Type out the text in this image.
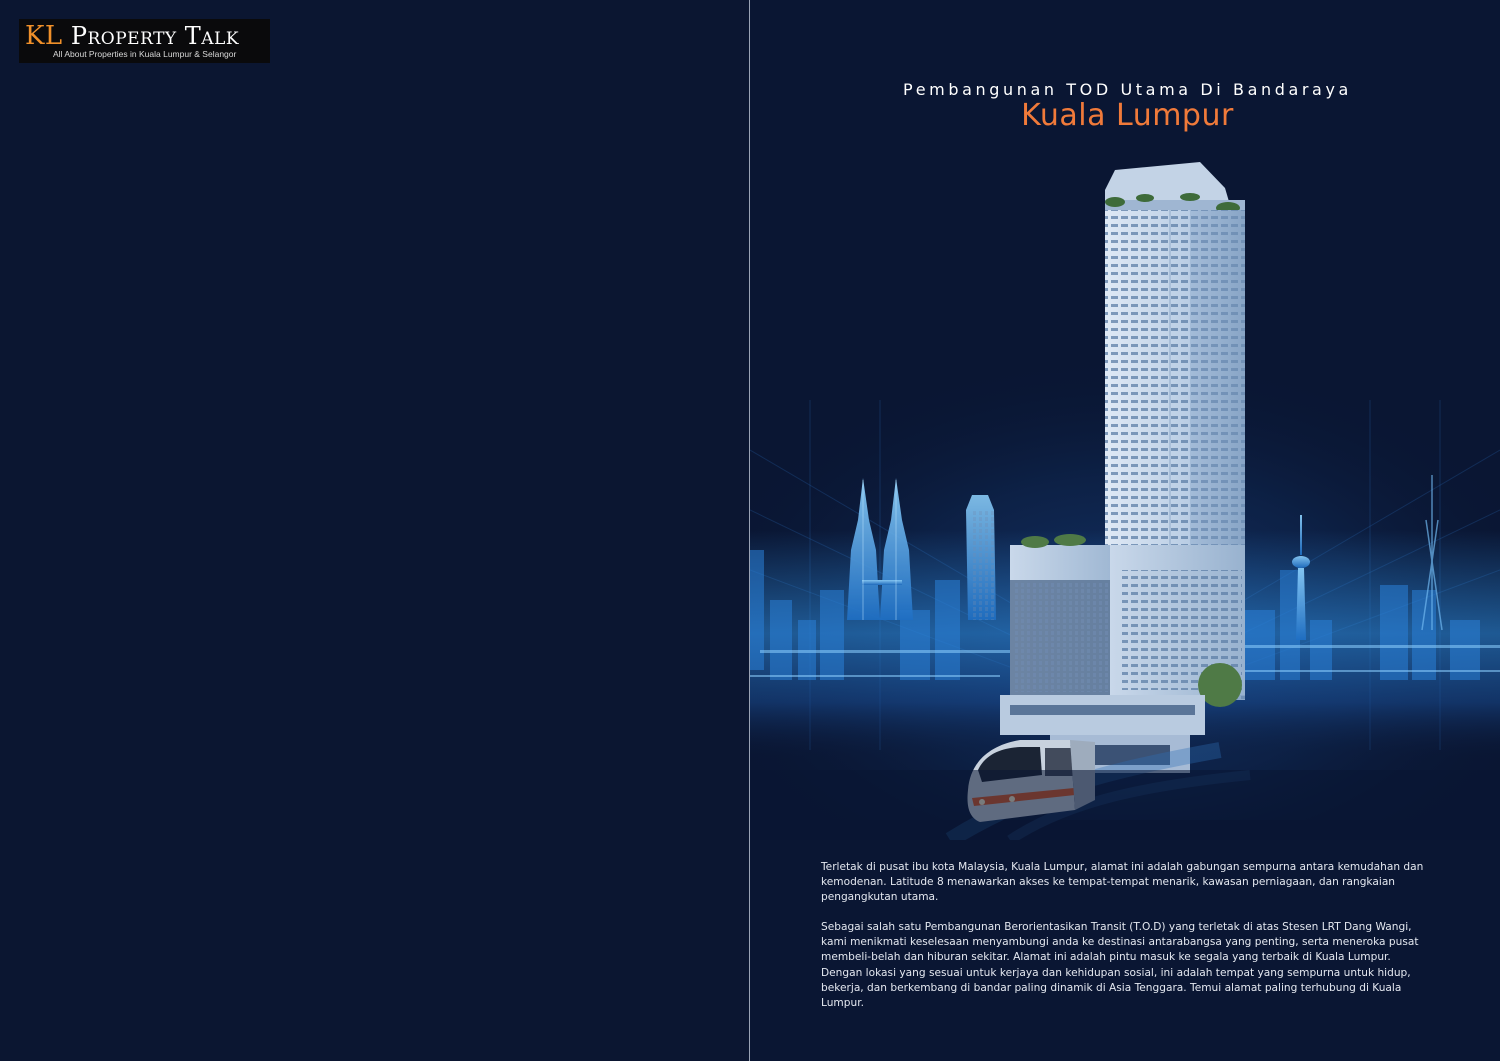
KL Property Talk
All About Properties in Kuala Lumpur & Selangor
Pembangunan TOD Utama Di Bandaraya
Kuala Lumpur

Terletak di pusat ibu kota Malaysia, Kuala Lumpur, alamat ini adalah gabungan sempurna antara kemudahan dan kemodenan. Latitude 8 menawarkan akses ke tempat-tempat menarik, kawasan perniagaan, dan rangkaian pengangkutan utama.

Sebagai salah satu Pembangunan Berorientasikan Transit (T.O.D) yang terletak di atas Stesen LRT Dang Wangi, kami menikmati keselesaan menyambungi anda ke destinasi antarabangsa yang penting, serta meneroka pusat membeli-belah dan hiburan sekitar. Alamat ini adalah pintu masuk ke segala yang terbaik di Kuala Lumpur. Dengan lokasi yang sesuai untuk kerjaya dan kehidupan sosial, ini adalah tempat yang sempurna untuk hidup, bekerja, dan berkembang di bandar paling dinamik di Asia Tenggara. Temui alamat paling terhubung di Kuala Lumpur.
